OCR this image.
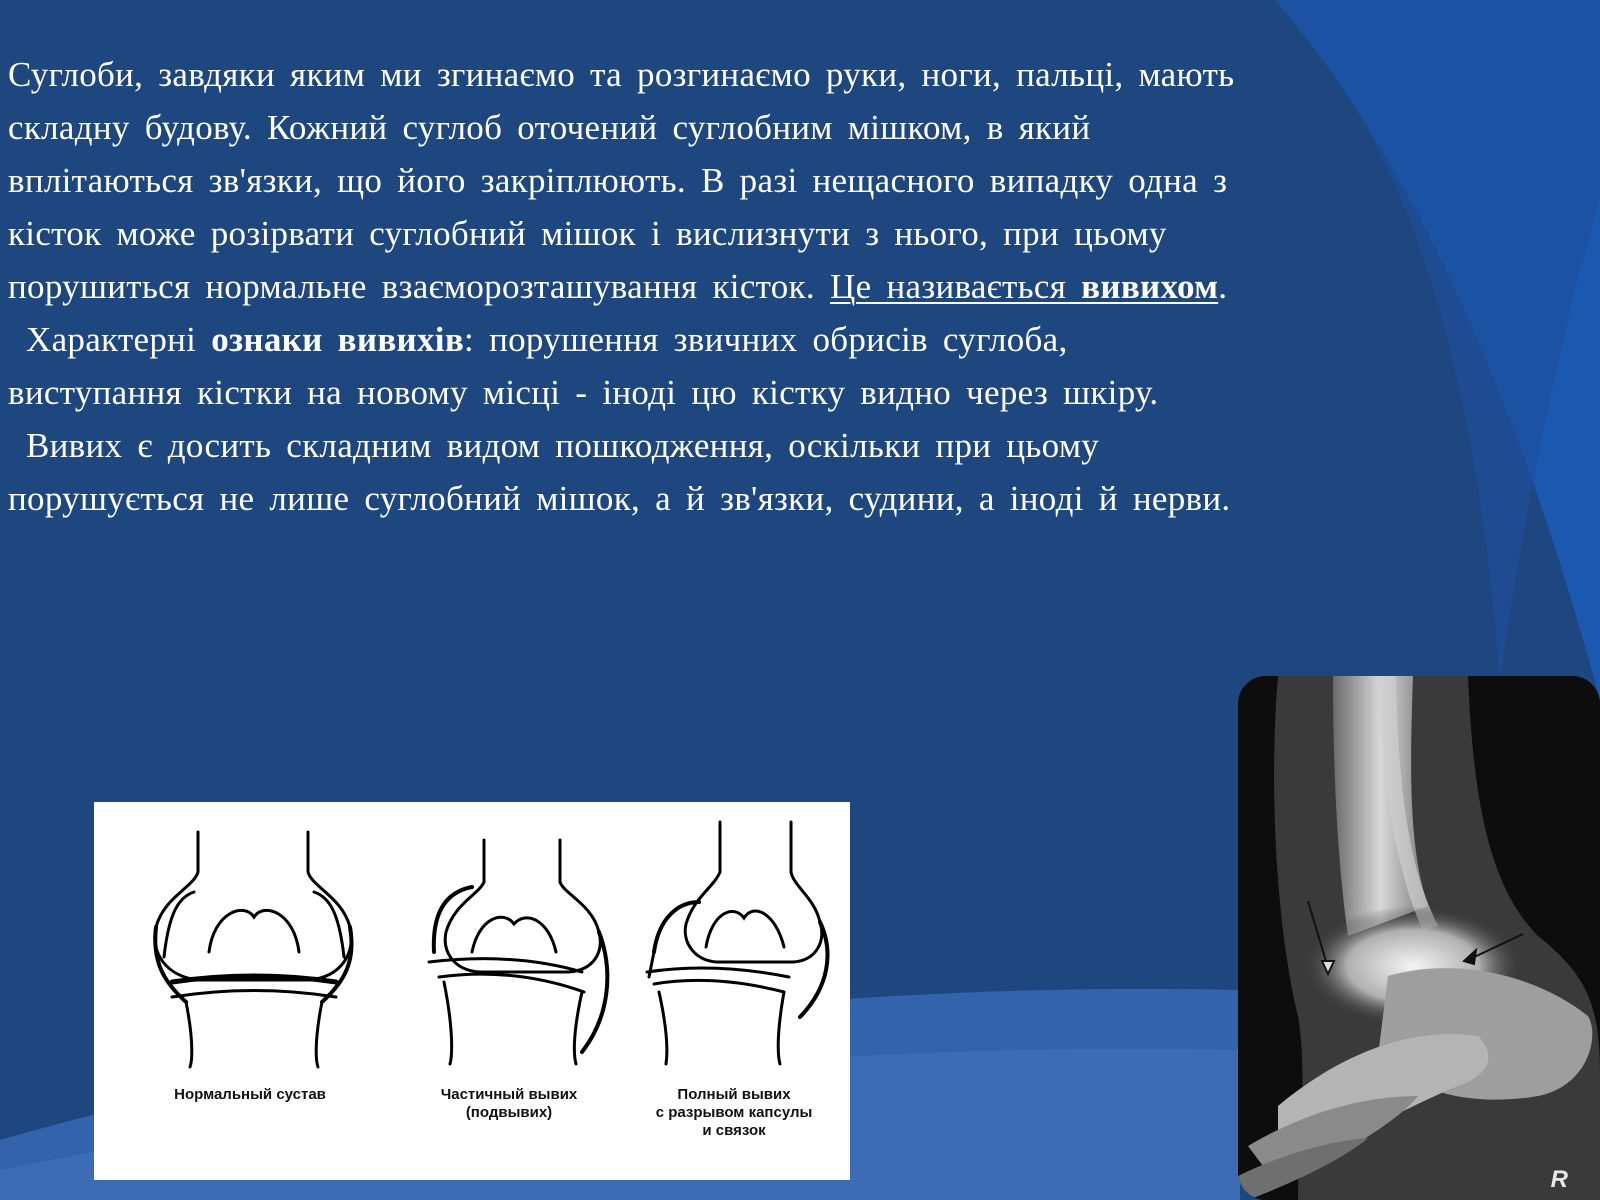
Суглоби, завдяки яким ми згинаємо та розгинаємо руки, ноги, пальці, мають складну будову. Кожний суглоб оточений суглобним мішком, в який вплітаються зв'язки, що його закріплюють. В разі нещасного випадку одна з кісток може розірвати суглобний мішок і вислизнути з нього, при цьому порушиться нормальне взаєморозташування кісток. Це називається вивихом.

Характерні ознаки вивихів: порушення звичних обрисів суглоба, виступання кістки на новому місці - іноді цю кістку видно через шкіру.

Вивих є досить складним видом пошкодження, оскільки при цьому порушується не лише суглобний мішок, а й зв'язки, судини, а іноді й нерви.

Нормальный сустав	Частичный вывих
(подвывих)
Полный вывих
с разрывом капсулы
и связок
R
